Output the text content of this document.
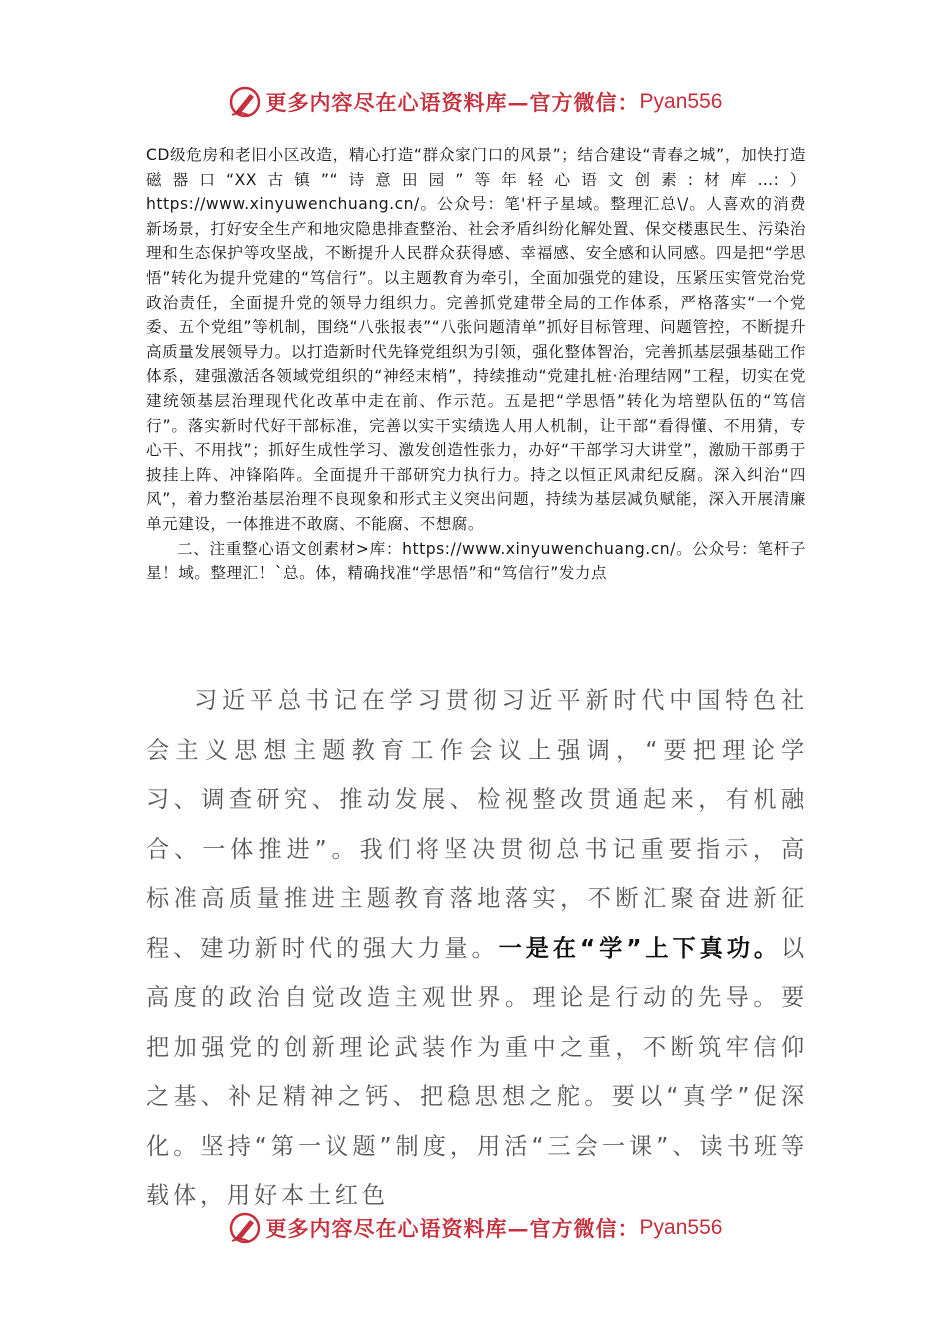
更多内容尽在心语资料库—官方微信： Pyan556

CD级危房和老旧小区改造，精心打造“群众家门口的风景”；结合建设“青春之城”，加快打造磁器口“XX古镇”“诗意田园”等年轻心语文创素:材库…:）https://www.xinyuwenchuang.cn/。公众号：笔'杆子星域。整理汇总\/。人喜欢的消费新场景，打好安全生产和地灾隐患排查整治、社会矛盾纠纷化解处置、保交楼惠民生、污染治理和生态保护等攻坚战，不断提升人民群众获得感、幸福感、安全感和认同感。四是把“学思悟”转化为提升党建的“笃信行”。以主题教育为牵引，全面加强党的建设，压紧压实管党治党政治责任，全面提升党的领导力组织力。完善抓党建带全局的工作体系，严格落实“一个党委、五个党组”等机制，围绕“八张报表”“八张问题清单”抓好目标管理、问题管控，不断提升高质量发展领导力。以打造新时代先锋党组织为引领，强化整体智治，完善抓基层强基础工作体系，建强激活各领域党组织的“神经末梢”，持续推动“党建扎桩·治理结网”工程，切实在党建统领基层治理现代化改革中走在前、作示范。五是把“学思悟”转化为培塑队伍的“笃信行”。落实新时代好干部标准，完善以实干实绩选人用人机制，让干部“看得懂、不用猜，专心干、不用找”；抓好生成性学习、激发创造性张力，办好“干部学习大讲堂”，激励干部勇于披挂上阵、冲锋陷阵。全面提升干部研究力执行力。持之以恒正风肃纪反腐。深入纠治“四风”，着力整治基层治理不良现象和形式主义突出问题，持续为基层减负赋能，深入开展清廉单元建设，一体推进不敢腐、不能腐、不想腐。

二、注重整心语文创素材>库：https://www.xinyuwenchuang.cn/。公众号：笔杆子星！域。整理汇！`总。体，精确找准“学思悟”和“笃信行”发力点

习近平总书记在学习贯彻习近平新时代中国特色社会主义思想主题教育工作会议上强调，“要把理论学习、调查研究、推动发展、检视整改贯通起来，有机融合、一体推进”。我们将坚决贯彻总书记重要指示，高标准高质量推进主题教育落地落实，不断汇聚奋进新征程、建功新时代的强大力量。一是在“学”上下真功。以高度的政治自觉改造主观世界。理论是行动的先导。要把加强党的创新理论武装作为重中之重，不断筑牢信仰之基、补足精神之钙、把稳思想之舵。要以“真学”促深化。坚持“第一议题”制度，用活“三会一课”、读书班等载体，用好本土红色

更多内容尽在心语资料库—官方微信： Pyan556
